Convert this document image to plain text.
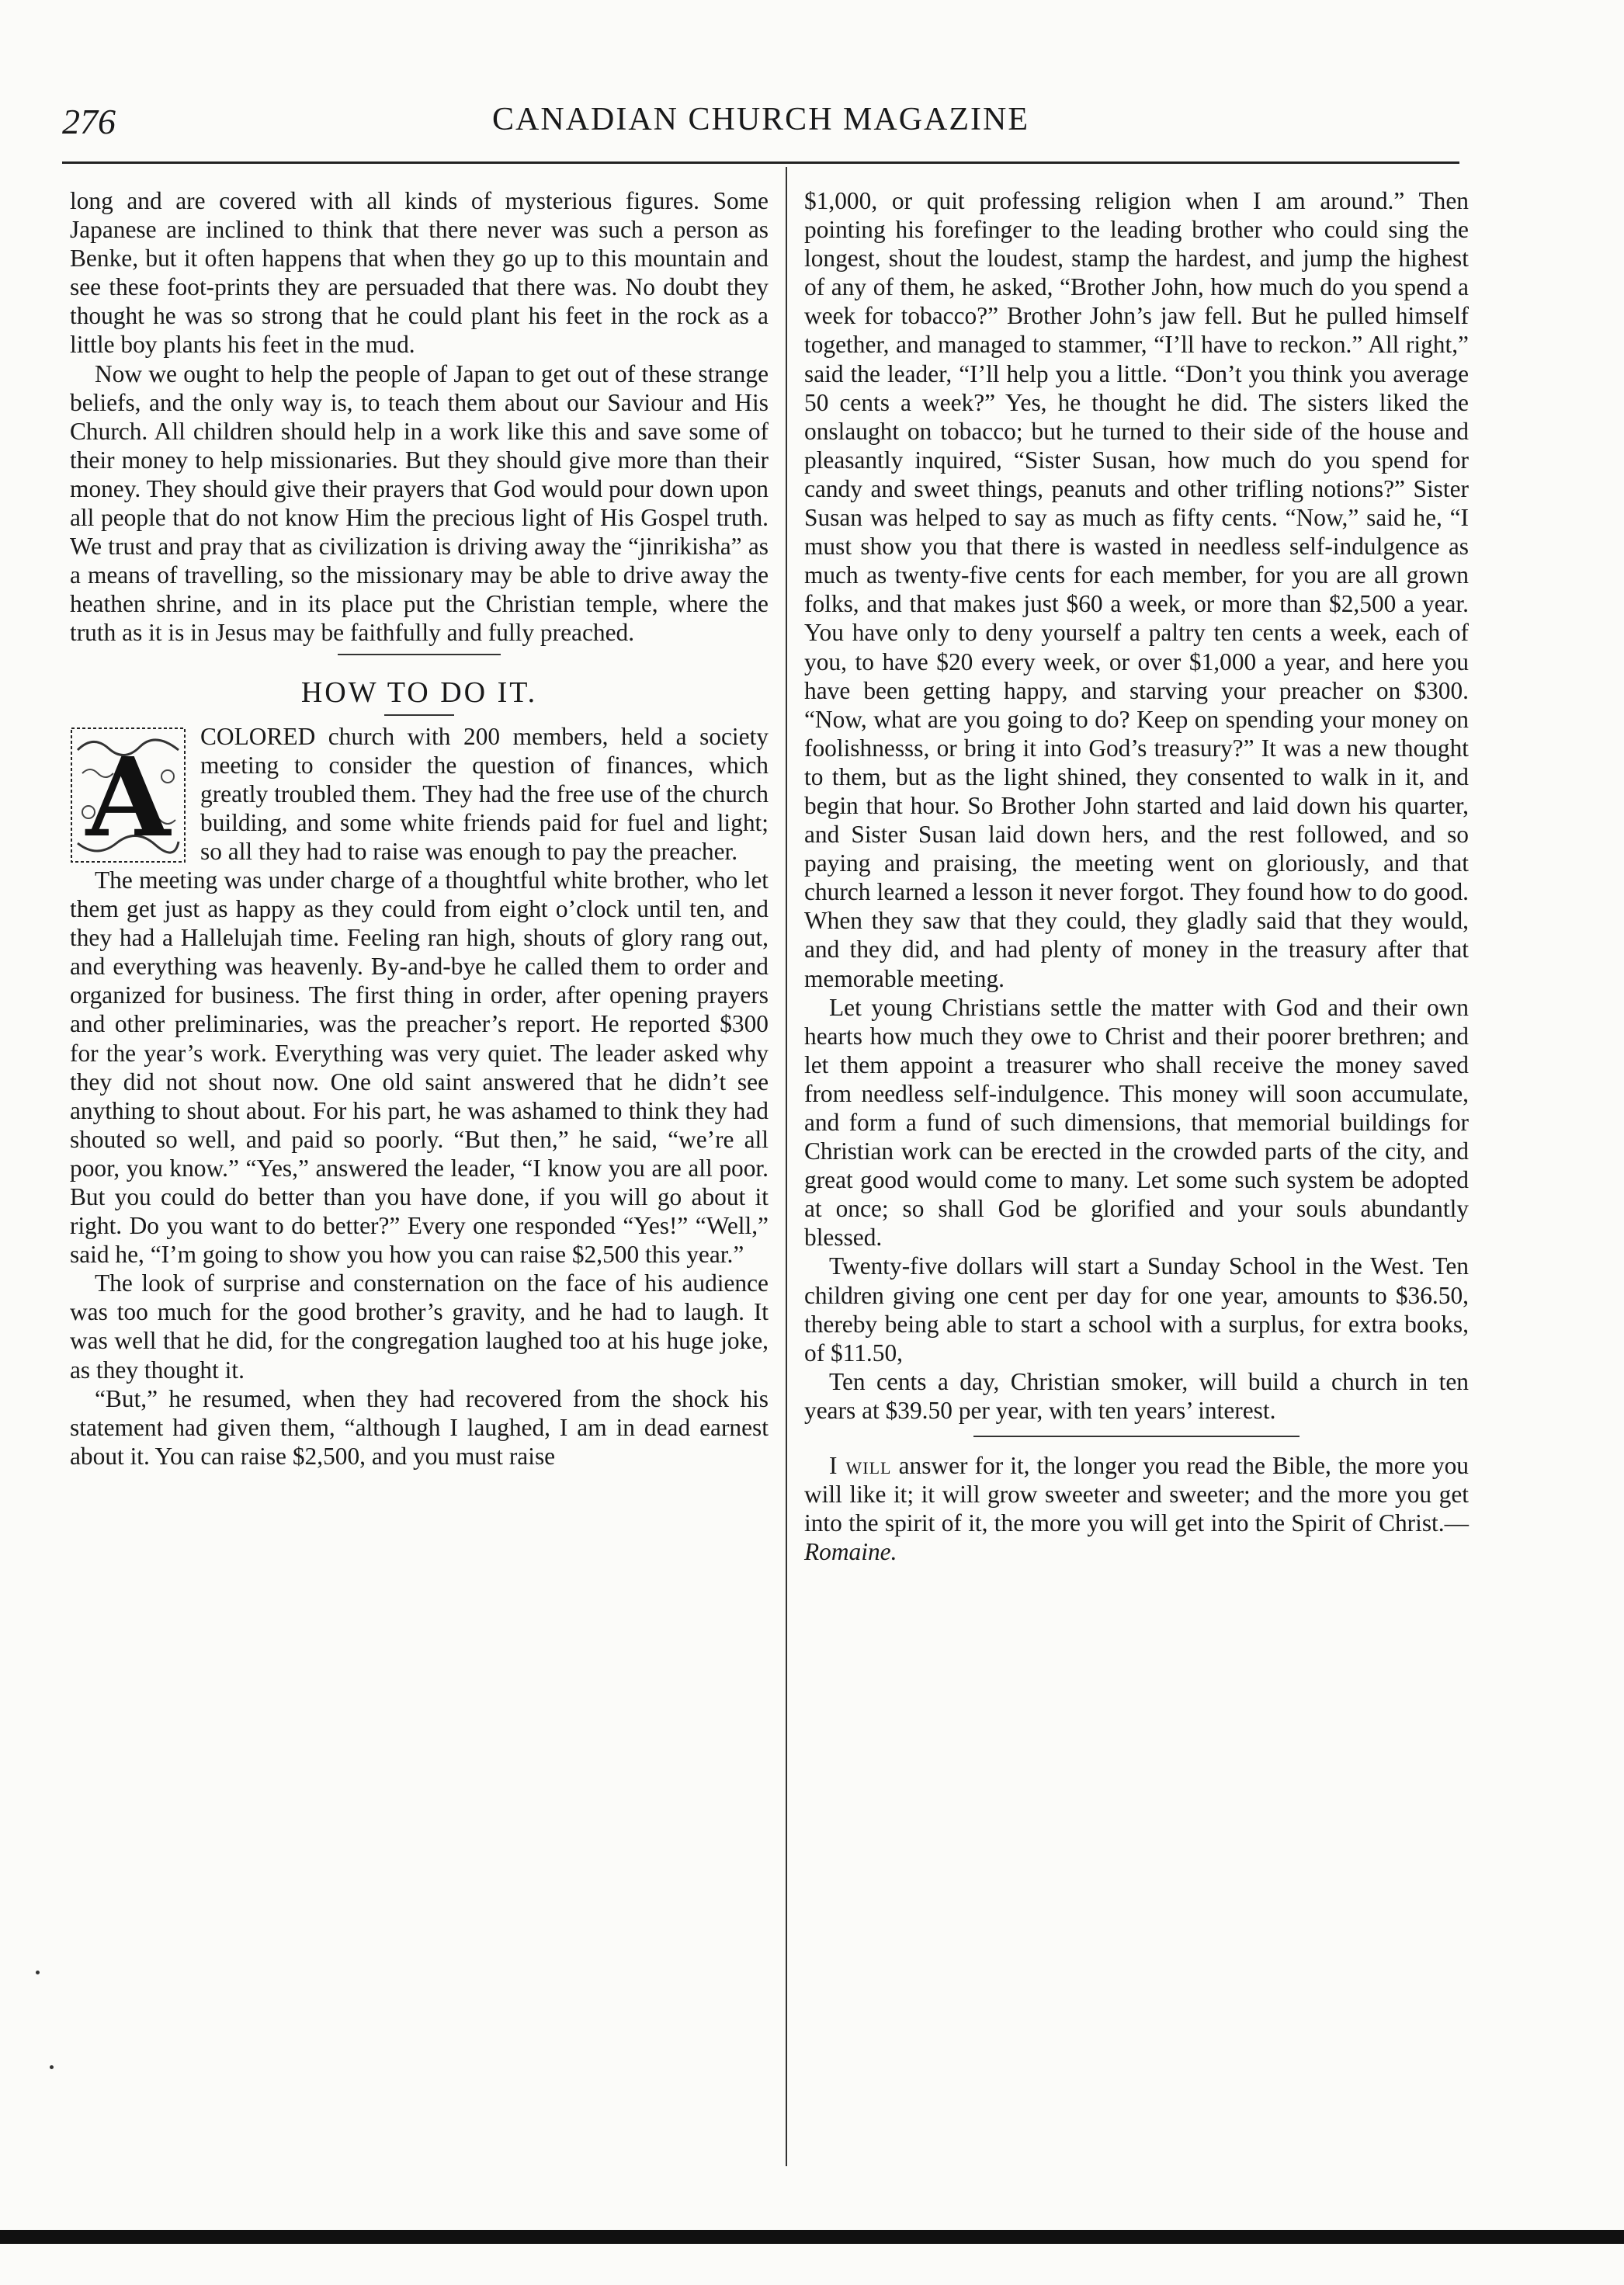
276	CANADIAN CHURCH MAGAZINE

long and are covered with all kinds of mysterious figures. Some Japanese are inclined to think that there never was such a person as Benke, but it often happens that when they go up to this mountain and see these foot-prints they are persuaded that there was. No doubt they thought he was so strong that he could plant his feet in the rock as a little boy plants his feet in the mud.

Now we ought to help the people of Japan to get out of these strange beliefs, and the only way is, to teach them about our Saviour and His Church. All children should help in a work like this and save some of their money to help missionaries. But they should give more than their money. They should give their prayers that God would pour down upon all people that do not know Him the precious light of His Gospel truth. We trust and pray that as civilization is driving away the “jinrikisha” as a means of travelling, so the missionary may be able to drive away the heathen shrine, and in its place put the Christian temple, where the truth as it is in Jesus may be faithfully and fully preached.

HOW TO DO IT.

A COLORED church with 200 members, held a society meeting to consider the question of finances, which greatly troubled them. They had the free use of the church building, and some white friends paid for fuel and light; so all they had to raise was enough to pay the preacher.

The meeting was under charge of a thoughtful white brother, who let them get just as happy as they could from eight o’clock until ten, and they had a Hallelujah time. Feeling ran high, shouts of glory rang out, and everything was heavenly. By-and-bye he called them to order and organized for business. The first thing in order, after opening prayers and other preliminaries, was the preacher’s report. He reported $300 for the year’s work. Everything was very quiet. The leader asked why they did not shout now. One old saint answered that he didn’t see anything to shout about. For his part, he was ashamed to think they had shouted so well, and paid so poorly. “But then,” he said, “we’re all poor, you know.” “Yes,” answered the leader, “I know you are all poor. But you could do better than you have done, if you will go about it right. Do you want to do better?” Every one responded “Yes!” “Well,” said he, “I’m going to show you how you can raise $2,500 this year.”

The look of surprise and consternation on the face of his audience was too much for the good brother’s gravity, and he had to laugh. It was well that he did, for the congregation laughed too at his huge joke, as they thought it.

“But,” he resumed, when they had recovered from the shock his statement had given them, “although I laughed, I am in dead earnest about it. You can raise $2,500, and you must raise

$1,000, or quit professing religion when I am around.” Then pointing his forefinger to the leading brother who could sing the longest, shout the loudest, stamp the hardest, and jump the highest of any of them, he asked, “Brother John, how much do you spend a week for tobacco?” Brother John’s jaw fell. But he pulled himself together, and managed to stammer, “I’ll have to reckon.” All right,” said the leader, “I’ll help you a little. “Don’t you think you average 50 cents a week?” Yes, he thought he did. The sisters liked the onslaught on tobacco; but he turned to their side of the house and pleasantly inquired, “Sister Susan, how much do you spend for candy and sweet things, peanuts and other trifling notions?” Sister Susan was helped to say as much as fifty cents. “Now,” said he, “I must show you that there is wasted in needless self-indulgence as much as twenty-five cents for each member, for you are all grown folks, and that makes just $60 a week, or more than $2,500 a year. You have only to deny yourself a paltry ten cents a week, each of you, to have $20 every week, or over $1,000 a year, and here you have been getting happy, and starving your preacher on $300. “Now, what are you going to do? Keep on spending your money on foolishnesss, or bring it into God’s treasury?” It was a new thought to them, but as the light shined, they consented to walk in it, and begin that hour. So Brother John started and laid down his quarter, and Sister Susan laid down hers, and the rest followed, and so paying and praising, the meeting went on gloriously, and that church learned a lesson it never forgot. They found how to do good. When they saw that they could, they gladly said that they would, and they did, and had plenty of money in the treasury after that memorable meeting.

Let young Christians settle the matter with God and their own hearts how much they owe to Christ and their poorer brethren; and let them appoint a treasurer who shall receive the money saved from needless self-indulgence. This money will soon accumulate, and form a fund of such dimensions, that memorial buildings for Christian work can be erected in the crowded parts of the city, and great good would come to many. Let some such system be adopted at once; so shall God be glorified and your souls abundantly blessed.

Twenty-five dollars will start a Sunday School in the West. Ten children giving one cent per day for one year, amounts to $36.50, thereby being able to start a school with a surplus, for extra books, of $11.50,

Ten cents a day, Christian smoker, will build a church in ten years at $39.50 per year, with ten years’ interest.

I will answer for it, the longer you read the Bible, the more you will like it; it will grow sweeter and sweeter; and the more you get into the spirit of it, the more you will get into the Spirit of Christ.—Romaine.
